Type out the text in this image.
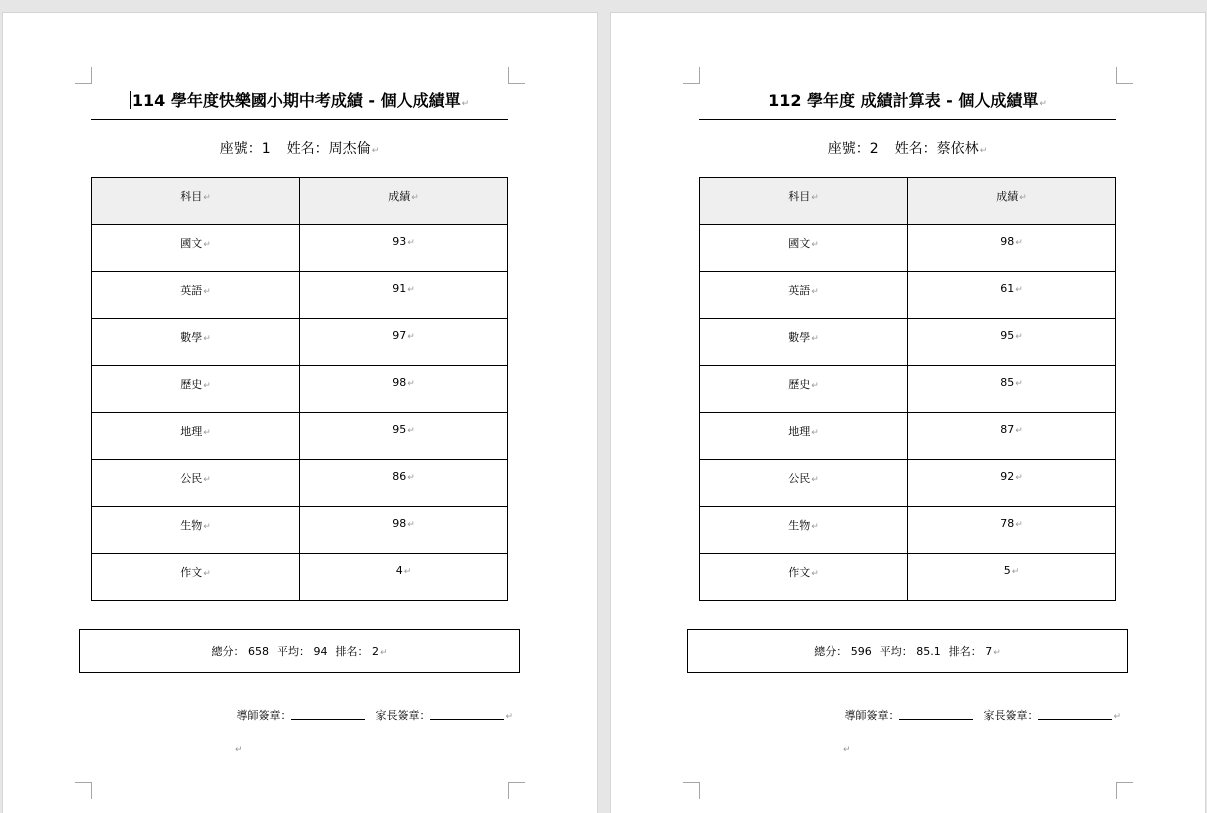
114 學年度快樂國小期中考成績 - 個人成績單↵
座號：1 姓名：周杰倫↵
科目↵	成績↵
國文↵	93↵
英語↵	91↵
數學↵	97↵
歷史↵	98↵
地理↵	95↵
公民↵	86↵
生物↵	98↵
作文↵	4↵
總分： 658 平均： 94 排名： 2↵
導師簽章：	家長簽章：	↵
↵
112 學年度 成績計算表 - 個人成績單↵
座號：2 姓名：蔡依林↵
科目↵	成績↵
國文↵	98↵
英語↵	61↵
數學↵	95↵
歷史↵	85↵
地理↵	87↵
公民↵	92↵
生物↵	78↵
作文↵	5↵
總分： 596 平均： 85.1 排名： 7↵
導師簽章：	家長簽章：	↵
↵
